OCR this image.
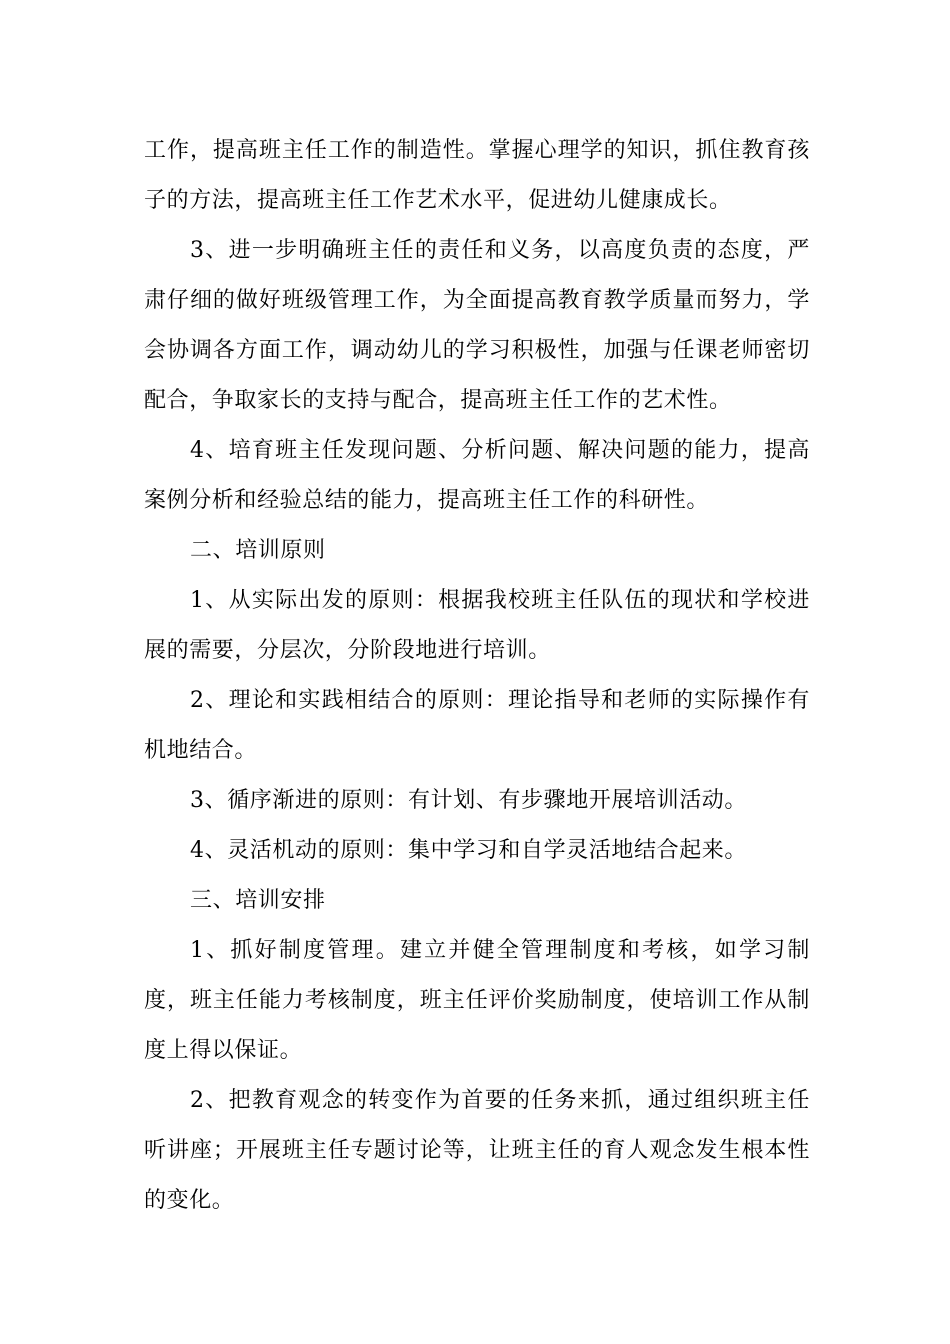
工作，提高班主任工作的制造性。掌握心理学的知识，抓住教育孩子的方法，提高班主任工作艺术水平，促进幼儿健康成长。

3、进一步明确班主任的责任和义务，以高度负责的态度，严肃仔细的做好班级管理工作，为全面提高教育教学质量而努力，学会协调各方面工作，调动幼儿的学习积极性，加强与任课老师密切配合，争取家长的支持与配合，提高班主任工作的艺术性。

4、培育班主任发现问题、分析问题、解决问题的能力，提高案例分析和经验总结的能力，提高班主任工作的科研性。

二、培训原则

1、从实际出发的原则：根据我校班主任队伍的现状和学校进展的需要，分层次，分阶段地进行培训。

2、理论和实践相结合的原则：理论指导和老师的实际操作有机地结合。

3、循序渐进的原则：有计划、有步骤地开展培训活动。

4、灵活机动的原则：集中学习和自学灵活地结合起来。

三、培训安排

1、抓好制度管理。建立并健全管理制度和考核，如学习制度，班主任能力考核制度，班主任评价奖励制度，使培训工作从制度上得以保证。

2、把教育观念的转变作为首要的任务来抓，通过组织班主任听讲座；开展班主任专题讨论等，让班主任的育人观念发生根本性的变化。
